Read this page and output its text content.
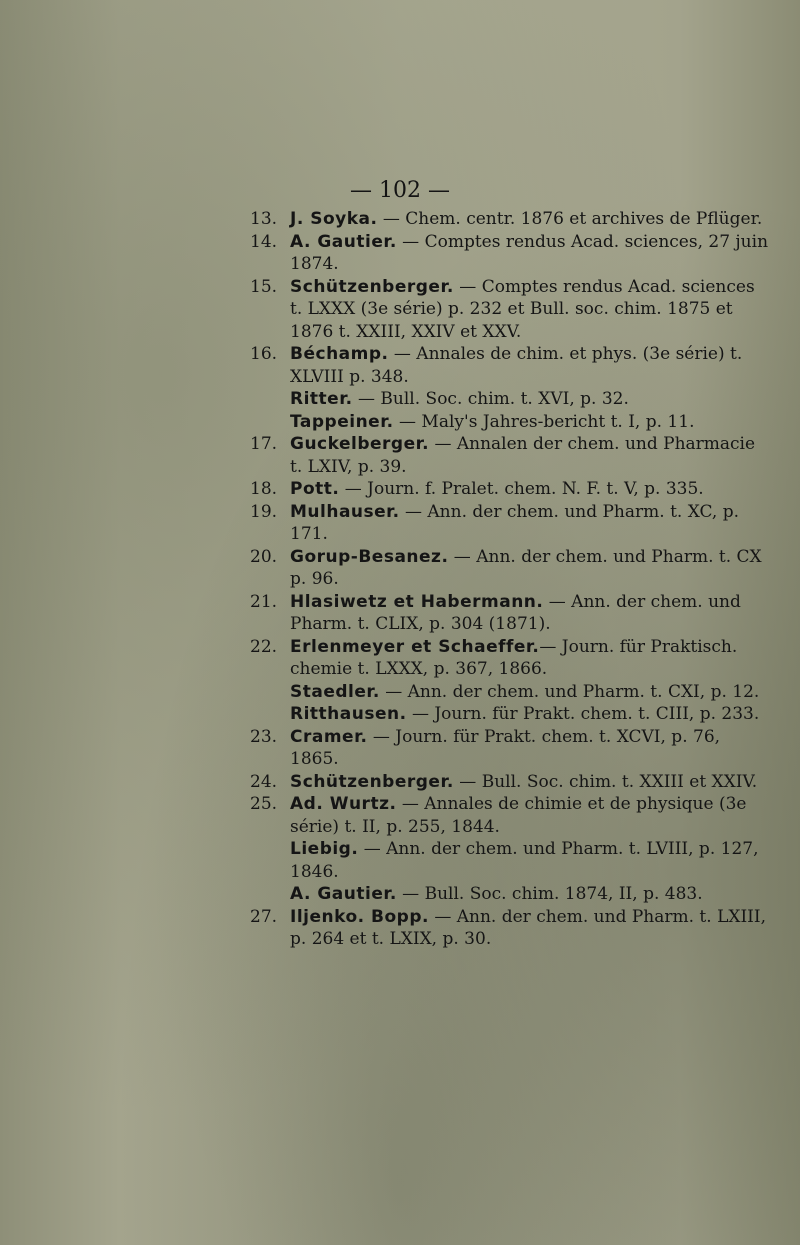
— 102 —
13. J. Soyka. — Chem. centr. 1876 et archives de Pflüger.
14. A. Gautier. — Comptes rendus Acad. sciences, 27 juin 1874.
15. Schützenberger. — Comptes rendus Acad. sciences t. LXXX (3e série) p. 232 et Bull. soc. chim. 1875 et 1876 t. XXIII, XXIV et XXV.
16. Béchamp. — Annales de chim. et phys. (3e série) t. XLVIII p. 348.
Ritter. — Bull. Soc. chim. t. XVI, p. 32.
Tappeiner. — Maly's Jahres-bericht t. I, p. 11.
17. Guckelberger. — Annalen der chem. und Pharmacie t. LXIV, p. 39.
18. Pott. — Journ. f. Pralet. chem. N. F. t. V, p. 335.
19. Mulhauser. — Ann. der chem. und Pharm. t. XC, p. 171.
20. Gorup-Besanez. — Ann. der chem. und Pharm. t. CX p. 96.
21. Hlasiwetz et Habermann. — Ann. der chem. und Pharm. t. CLIX, p. 304 (1871).
22. Erlenmeyer et Schaeffer.— Journ. für Praktisch. chemie t. LXXX, p. 367, 1866.
Staedler. — Ann. der chem. und Pharm. t. CXI, p. 12.
Ritthausen. — Journ. für Prakt. chem. t. CIII, p. 233.
23. Cramer. — Journ. für Prakt. chem. t. XCVI, p. 76, 1865.
24. Schützenberger. — Bull. Soc. chim. t. XXIII et XXIV.
25. Ad. Wurtz. — Annales de chimie et de physique (3e série) t. II, p. 255, 1844.
Liebig. — Ann. der chem. und Pharm. t. LVIII, p. 127, 1846.
A. Gautier. — Bull. Soc. chim. 1874, II, p. 483.
27. Iljenko. Bopp. — Ann. der chem. und Pharm. t. LXIII, p. 264 et t. LXIX, p. 30.
